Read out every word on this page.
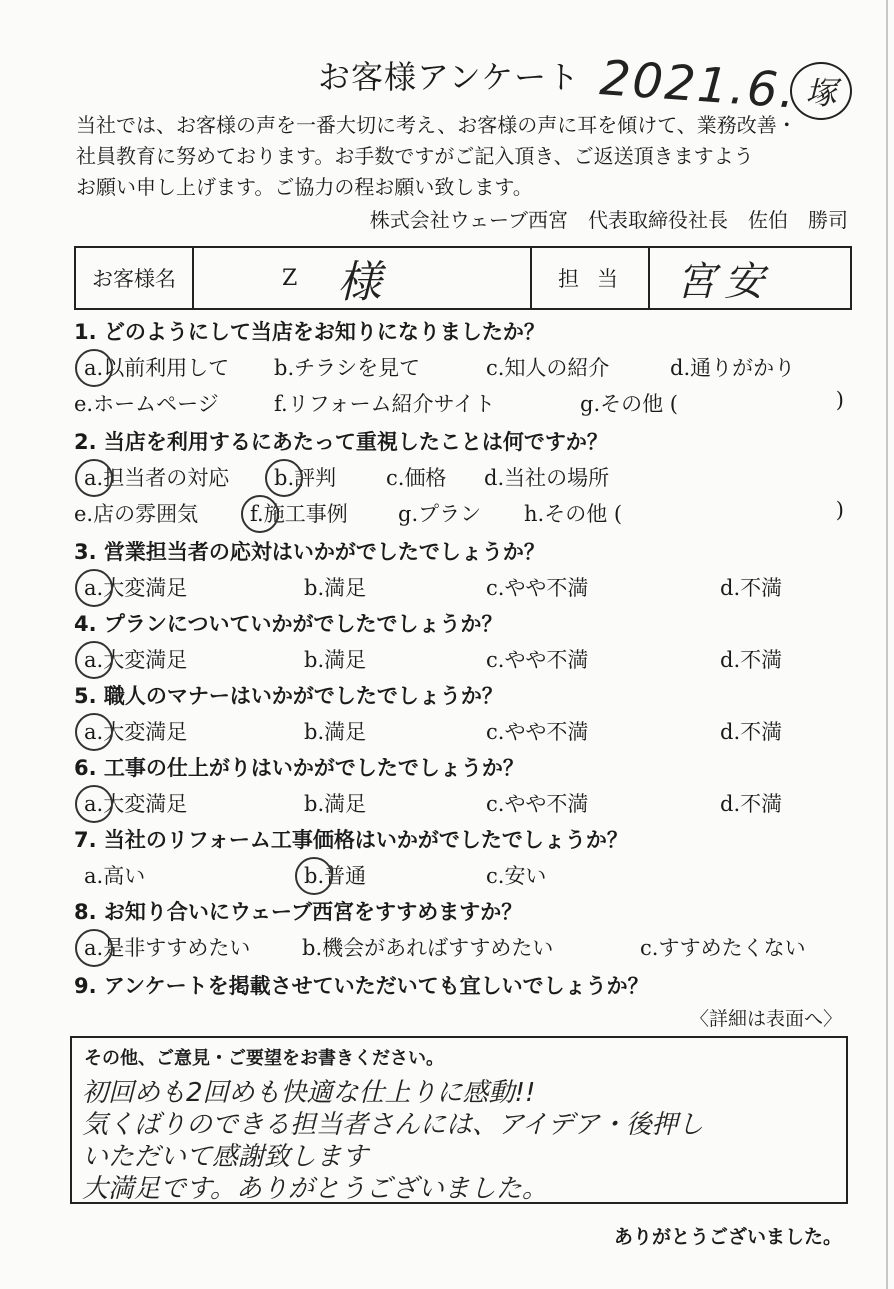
お客様アンケート 2021.6. 塚

当社では、お客様の声を一番大切に考え、お客様の声に耳を傾けて、業務改善・

社員教育に努めております。お手数ですがご記入頂き、ご返送頂きますよう

お願い申し上げます。ご協力の程お願い致します。

株式会社ウェーブ西宮　代表取締役社長　佐伯　勝司
お客様名	Z 様	担当	宮安
1. どのようにして当店をお知りになりましたか？
a.以前利用して b.チラシを見て	c.知人の紹介	d.通りがかり
e.ホームページ	f.リフォーム紹介サイト	g.その他 (	)
2. 当店を利用するにあたって重視したことは何ですか？
a.担当者の対応 b.評判 c.価格 d.当社の場所
e.店の雰囲気 f.施工事例 g.プラン h.その他 (	)
3. 営業担当者の応対はいかがでしたでしょうか？
a.大変満足	b.満足	c.やや不満	d.不満
4. プランについていかがでしたでしょうか？
a.大変満足	b.満足	c.やや不満	d.不満
5. 職人のマナーはいかがでしたでしょうか？
a.大変満足	b.満足	c.やや不満	d.不満
6. 工事の仕上がりはいかがでしたでしょうか？
a.大変満足	b.満足	c.やや不満	d.不満
7. 当社のリフォーム工事価格はいかがでしたでしょうか？
a.高い	b.普通	c.安い
8. お知り合いにウェーブ西宮をすすめますか？
a.是非すすめたい b.機会があればすすめたい	c.すすめたくない
9. アンケートを掲載させていただいても宜しいでしょうか？
〈詳細は表面へ〉
その他、ご意見・ご要望をお書きください。
初回めも2回めも快適な仕上りに感動!!
気くばりのできる担当者さんには、アイデア・後押し
いただいて感謝致します
大満足です。ありがとうございました。
ありがとうございました。
